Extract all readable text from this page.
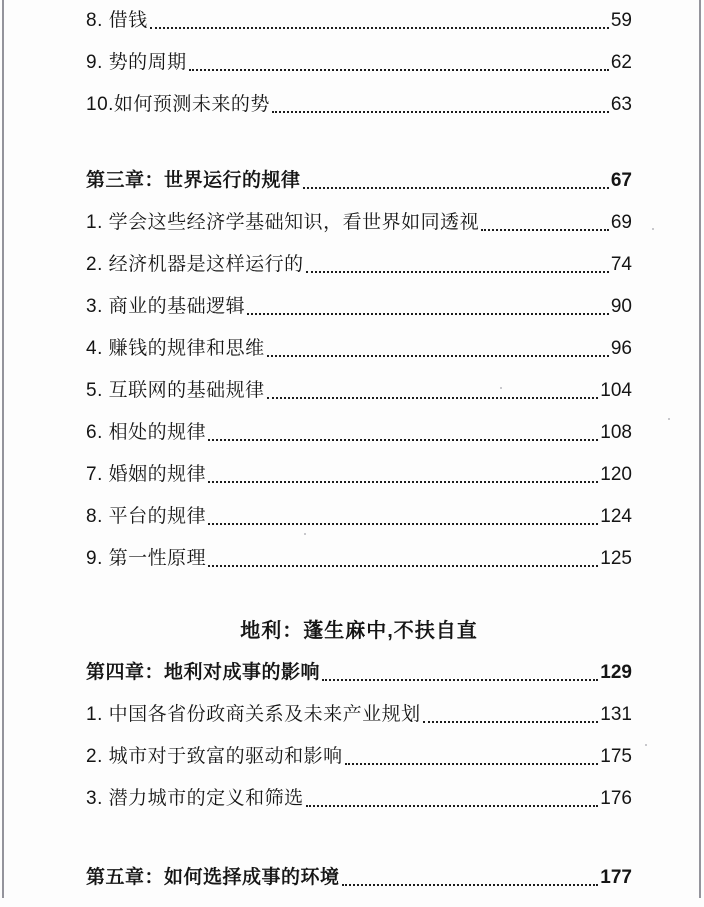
8. 借钱	59
9. 势的周期	62
10.如何预测未来的势	63
第三章：世界运行的规律	67
1. 学会这些经济学基础知识，看世界如同透视	69
2. 经济机器是这样运行的	74
3. 商业的基础逻辑	90
4. 赚钱的规律和思维	96
5. 互联网的基础规律	104
6. 相处的规律	108
7. 婚姻的规律	120
8. 平台的规律	124
9. 第一性原理	125
地利：蓬生麻中,不扶自直
第四章：地利对成事的影响	129
1. 中国各省份政商关系及未来产业规划	131
2. 城市对于致富的驱动和影响	175
3. 潜力城市的定义和筛选	176
第五章：如何选择成事的环境	177
